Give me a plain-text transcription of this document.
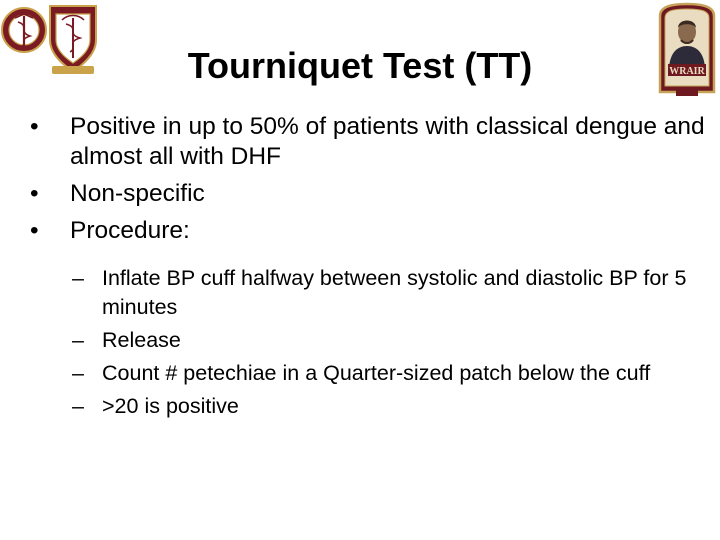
WRAIR
Tourniquet Test (TT)
•	Positive in up to 50% of patients with classical dengue and almost all with DHF
•	Non-specific
•	Procedure:
– Inflate BP cuff halfway between systolic and diastolic BP for 5 minutes
– Release
– Count # petechiae in a Quarter-sized patch below the cuff
– >20 is positive
